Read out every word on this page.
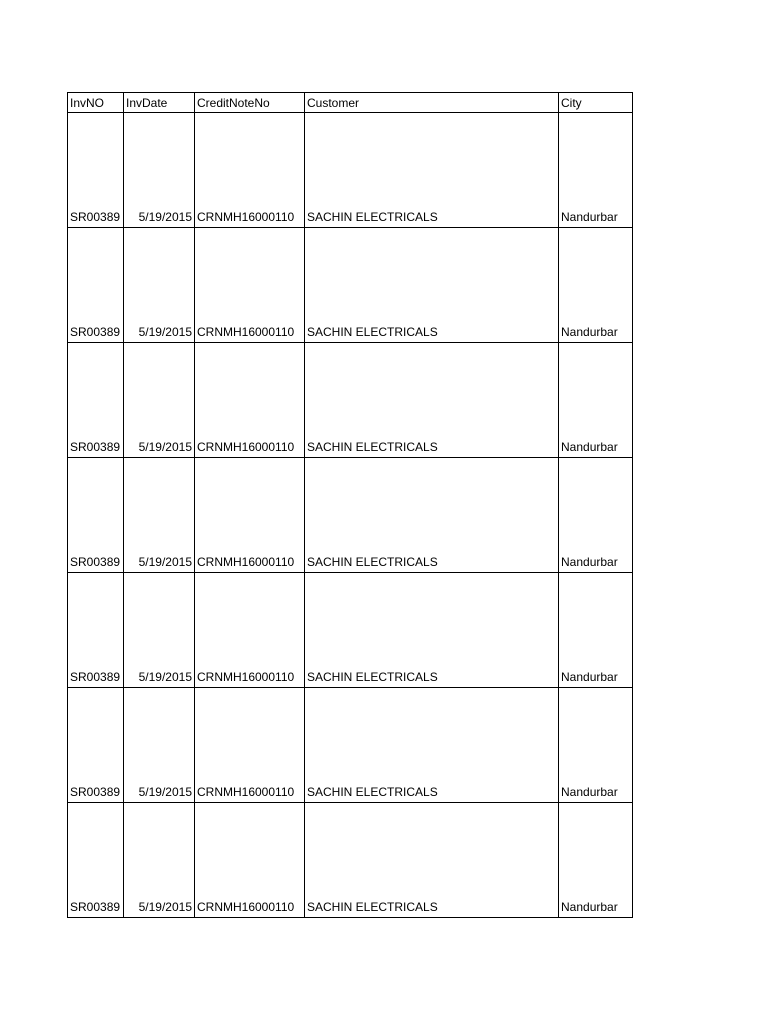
InvNO	InvDate	CreditNoteNo	Customer	City
SR00389	5/19/2015	CRNMH16000110	SACHIN ELECTRICALS	Nandurbar
SR00389	5/19/2015	CRNMH16000110	SACHIN ELECTRICALS	Nandurbar
SR00389	5/19/2015	CRNMH16000110	SACHIN ELECTRICALS	Nandurbar
SR00389	5/19/2015	CRNMH16000110	SACHIN ELECTRICALS	Nandurbar
SR00389	5/19/2015	CRNMH16000110	SACHIN ELECTRICALS	Nandurbar
SR00389	5/19/2015	CRNMH16000110	SACHIN ELECTRICALS	Nandurbar
SR00389	5/19/2015	CRNMH16000110	SACHIN ELECTRICALS	Nandurbar
